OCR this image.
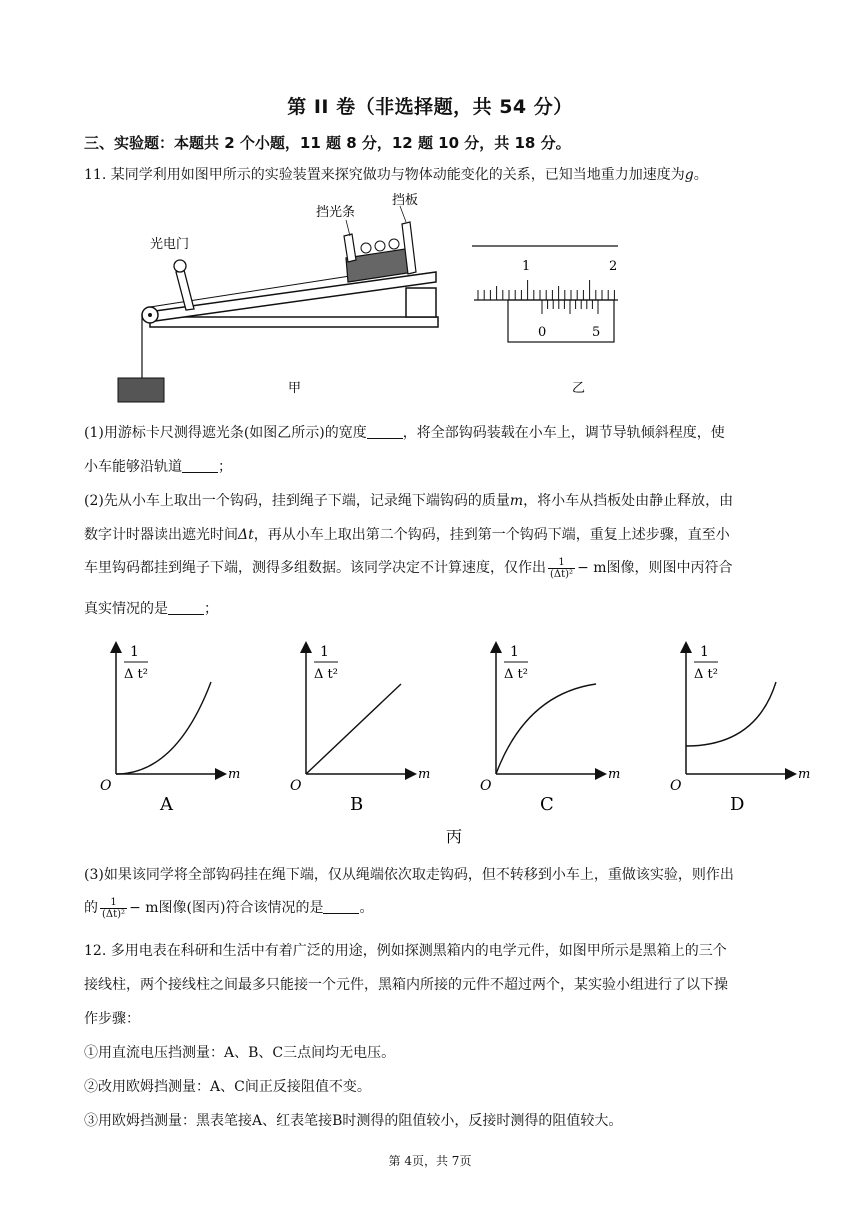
第 II 卷（非选择题，共 54 分）
三、实验题：本题共 2 个小题，11 题 8 分，12 题 10 分，共 18 分。
11. 某同学利用如图甲所示的实验装置来探究做功与物体动能变化的关系，已知当地重力加速度为g。
光电门
挡光条
挡板
甲
1	2
0	5
乙
(1)用游标卡尺测得遮光条(如图乙所示)的宽度	，将全部钩码装载在小车上，调节导轨倾斜程度，使
小车能够沿轨道	；
(2)先从小车上取出一个钩码，挂到绳子下端，记录绳下端钩码的质量m，将小车从挡板处由静止释放，由
数字计时器读出遮光时间Δt，再从小车上取出第二个钩码，挂到第一个钩码下端，重复上述步骤，直至小
车里钩码都挂到绳子下端，测得多组数据。该同学决定不计算速度，仅作出 $\frac{1}{\text{(Δt)²}} - m$图像，则图中丙符合
真实情况的是	；
1
Δ t²
m
O
A
1
Δ t²
m
O
B
1
Δ t²
m
O
C
1
Δ t²
m
O
D
丙
(3)如果该同学将全部钩码挂在绳下端，仅从绳端依次取走钩码，但不转移到小车上，重做该实验，则作出
的 $\frac{1}{\text{(Δt)²}} - m$图像(图丙)符合该情况的是	。
12. 多用电表在科研和生活中有着广泛的用途，例如探测黑箱内的电学元件，如图甲所示是黑箱上的三个
接线柱，两个接线柱之间最多只能接一个元件，黑箱内所接的元件不超过两个，某实验小组进行了以下操
作步骤：
①用直流电压挡测量：A、B、C三点间均无电压。
②改用欧姆挡测量：A、C间正反接阻值不变。
③用欧姆挡测量：黑表笔接A、红表笔接B时测得的阻值较小，反接时测得的阻值较大。
第 4页，共 7页
